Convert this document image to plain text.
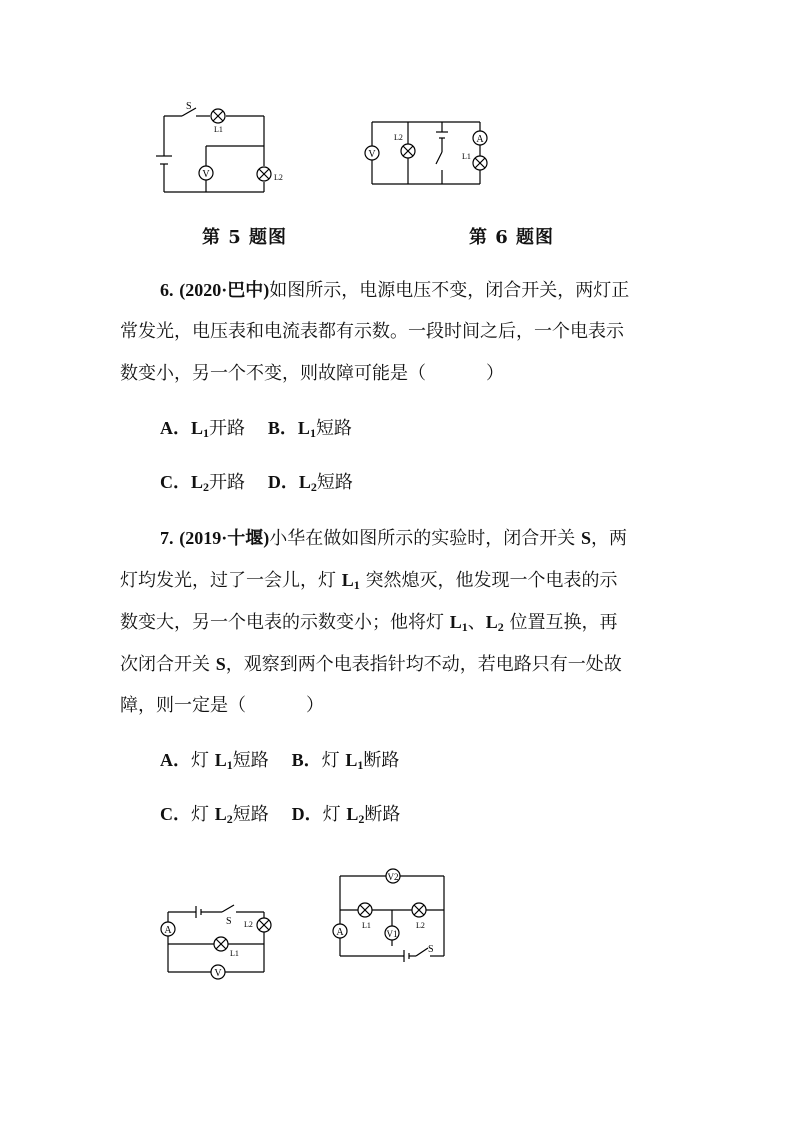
V
S
L1
L2
V
L2	A
L1
第 5 题图	第 6 题图
6. (2020·巴中)如图所示，电源电压不变，闭合开关，两灯正
常发光，电压表和电流表都有示数。一段时间之后，一个电表示
数变小，另一个不变，则故障可能是（	）
A．$L_1$开路 B．$L_1$短路
C．$L_2$开路 D．$L_2$短路
7. (2019·十堰)小华在做如图所示的实验时，闭合开关 S，两
灯均发光，过了一会儿，灯 $L_1$ 突然熄灭，他发现一个电表的示
数变大，另一个电表的示数变小；他将灯 $L_1$、$L_2$ 位置互换，再
次闭合开关 S，观察到两个电表指针均不动，若电路只有一处故
障，则一定是（	）
A．灯 $L_1$短路 B．灯 $L_1$断路
C．灯 $L_2$短路 D．灯 $L_2$断路
A
L2
L1
V
S
V2
A
L1	L2
V1
S
